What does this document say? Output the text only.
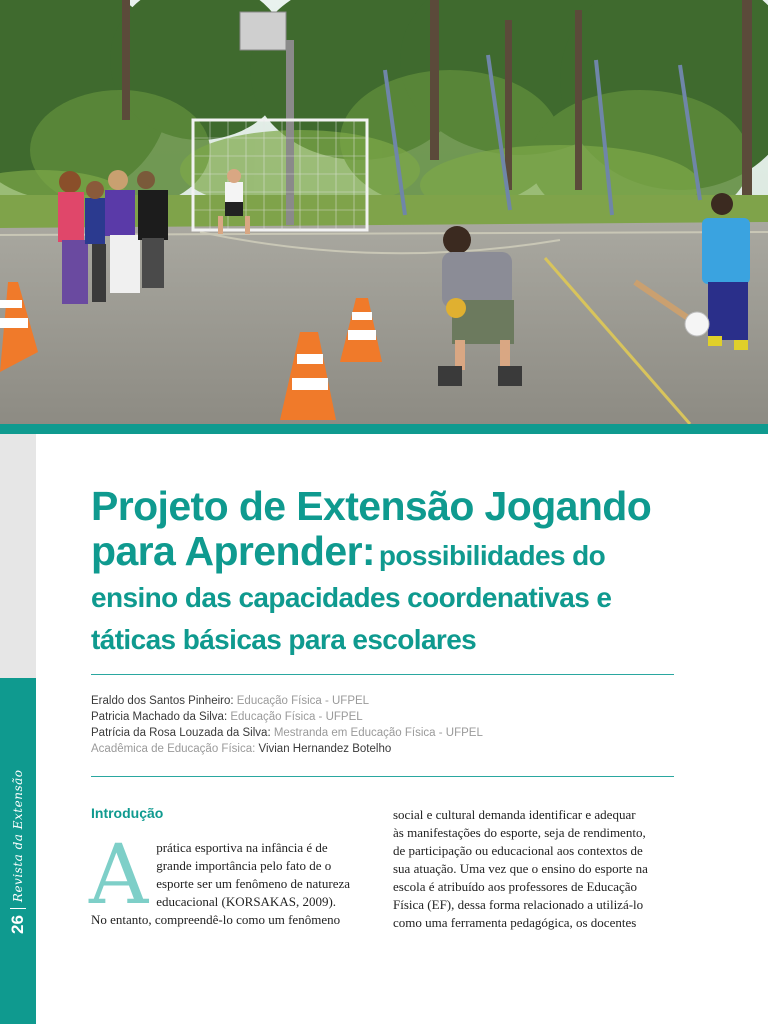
26
Revista da Extensão
Projeto de Extensão Jogando
para Aprender: possibilidades do
ensino das capacidades coordenativas e
táticas básicas para escolares
Eraldo dos Santos Pinheiro: Educação Física - UFPEL
Patricia Machado da Silva: Educação Física - UFPEL
Patrícia da Rosa Louzada da Silva: Mestranda em Educação Física - UFPEL
Acadêmica de Educação Física: Vivian Hernandez Botelho
Introdução
A prática esportiva na infância é de
grande importância pelo fato de o
esporte ser um fenômeno de natureza
educacional (KORSAKAS, 2009).
No entanto, compreendê-lo como um fenômeno
social e cultural demanda identificar e adequar
às manifestações do esporte, seja de rendimento,
de participação ou educacional aos contextos de
sua atuação. Uma vez que o ensino do esporte na
escola é atribuído aos professores de Educação
Física (EF), dessa forma relacionado a utilizá-lo
como uma ferramenta pedagógica, os docentes
